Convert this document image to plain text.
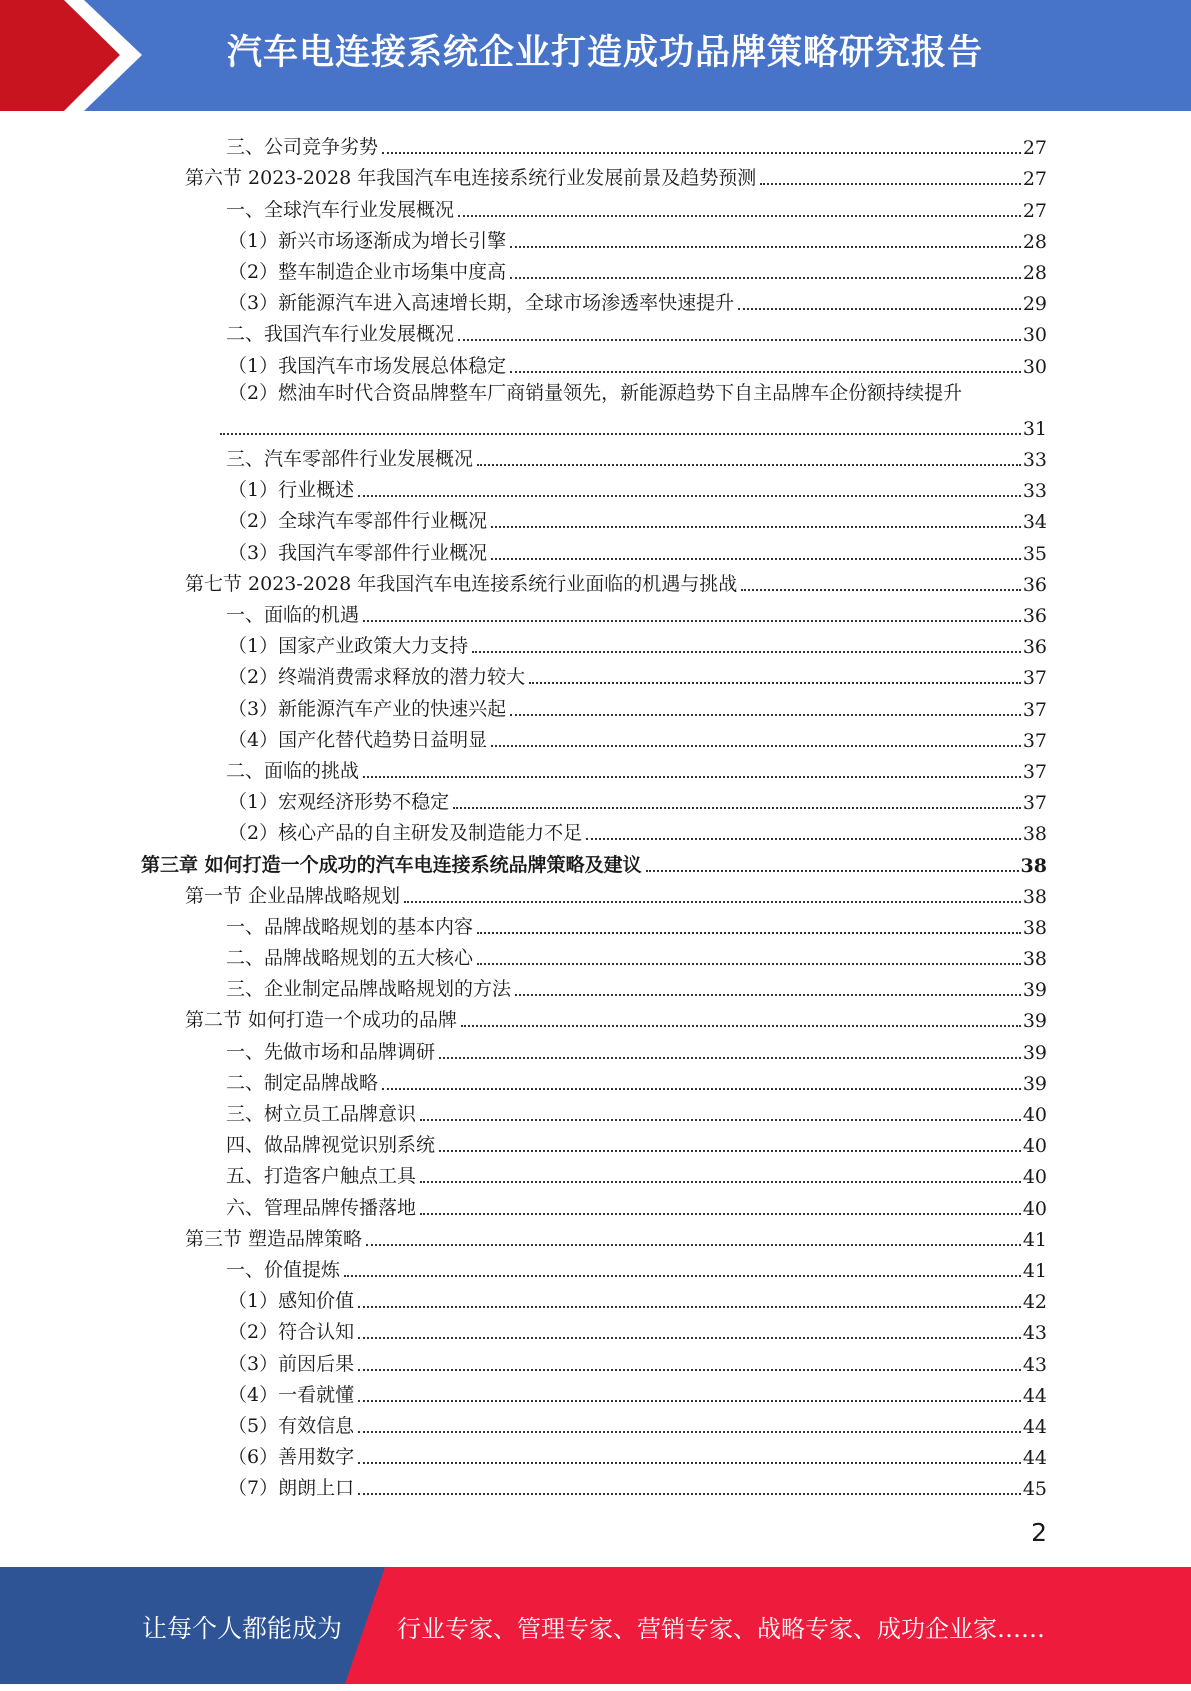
汽车电连接系统企业打造成功品牌策略研究报告
三、公司竞争劣势	27
第六节 2023-2028 年我国汽车电连接系统行业发展前景及趋势预测	27
一、全球汽车行业发展概况	27
（1）新兴市场逐渐成为增长引擎	28
（2）整车制造企业市场集中度高	28
（3）新能源汽车进入高速增长期，全球市场渗透率快速提升	29
二、我国汽车行业发展概况	30
（1）我国汽车市场发展总体稳定	30
（2）燃油车时代合资品牌整车厂商销量领先，新能源趋势下自主品牌车企份额持续提升
31
三、汽车零部件行业发展概况	33
（1）行业概述	33
（2）全球汽车零部件行业概况	34
（3）我国汽车零部件行业概况	35
第七节 2023-2028 年我国汽车电连接系统行业面临的机遇与挑战	36
一、面临的机遇	36
（1）国家产业政策大力支持	36
（2）终端消费需求释放的潜力较大	37
（3）新能源汽车产业的快速兴起	37
（4）国产化替代趋势日益明显	37
二、面临的挑战	37
（1）宏观经济形势不稳定	37
（2）核心产品的自主研发及制造能力不足	38
第三章 如何打造一个成功的汽车电连接系统品牌策略及建议	38
第一节 企业品牌战略规划	38
一、品牌战略规划的基本内容	38
二、品牌战略规划的五大核心	38
三、企业制定品牌战略规划的方法	39
第二节 如何打造一个成功的品牌	39
一、先做市场和品牌调研	39
二、制定品牌战略	39
三、树立员工品牌意识	40
四、做品牌视觉识别系统	40
五、打造客户触点工具	40
六、管理品牌传播落地	40
第三节 塑造品牌策略	41
一、价值提炼	41
（1）感知价值	42
（2）符合认知	43
（3）前因后果	43
（4）一看就懂	44
（5）有效信息	44
（6）善用数字	44
（7）朗朗上口	45
2
让每个人都能成为 行业专家、管理专家、营销专家、战略专家、成功企业家……
